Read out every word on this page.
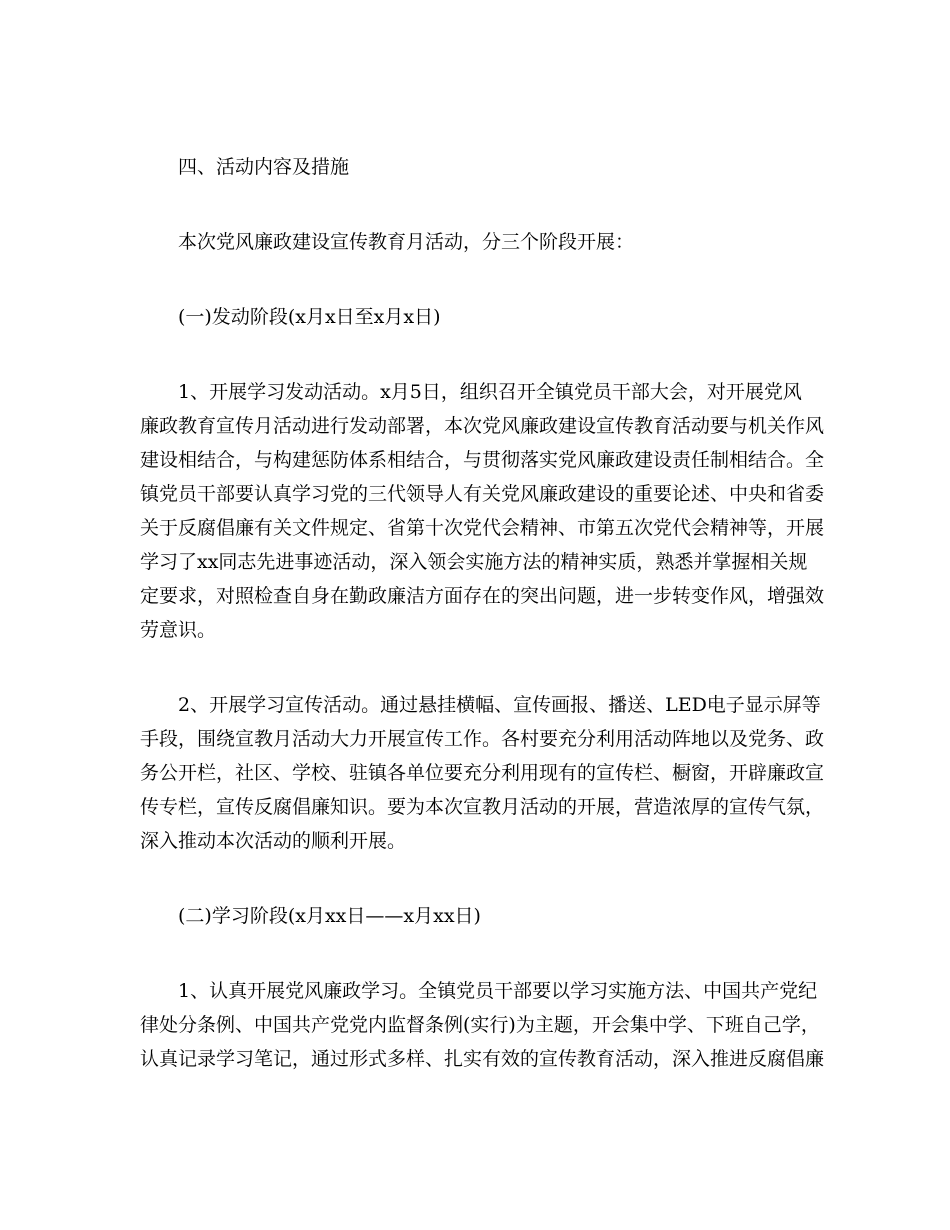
四、活动内容及措施

本次党风廉政建设宣传教育月活动，分三个阶段开展：

(一)发动阶段(x月x日至x月x日)

1、开展学习发动活动。x月5日，组织召开全镇党员干部大会，对开展党风
廉政教育宣传月活动进行发动部署，本次党风廉政建设宣传教育活动要与机关作风
建设相结合，与构建惩防体系相结合，与贯彻落实党风廉政建设责任制相结合。全
镇党员干部要认真学习党的三代领导人有关党风廉政建设的重要论述、中央和省委
关于反腐倡廉有关文件规定、省第十次党代会精神、市第五次党代会精神等，开展
学习了xx同志先进事迹活动，深入领会实施方法的精神实质，熟悉并掌握相关规
定要求，对照检查自身在勤政廉洁方面存在的突出问题，进一步转变作风，增强效
劳意识。

2、开展学习宣传活动。通过悬挂横幅、宣传画报、播送、LED电子显示屏等
手段，围绕宣教月活动大力开展宣传工作。各村要充分利用活动阵地以及党务、政
务公开栏，社区、学校、驻镇各单位要充分利用现有的宣传栏、橱窗，开辟廉政宣
传专栏，宣传反腐倡廉知识。要为本次宣教月活动的开展，营造浓厚的宣传气氛，
深入推动本次活动的顺利开展。

(二)学习阶段(x月xx日——x月xx日)

1、认真开展党风廉政学习。全镇党员干部要以学习实施方法、中国共产党纪
律处分条例、中国共产党党内监督条例(实行)为主题，开会集中学、下班自己学，
认真记录学习笔记，通过形式多样、扎实有效的宣传教育活动，深入推进反腐倡廉
